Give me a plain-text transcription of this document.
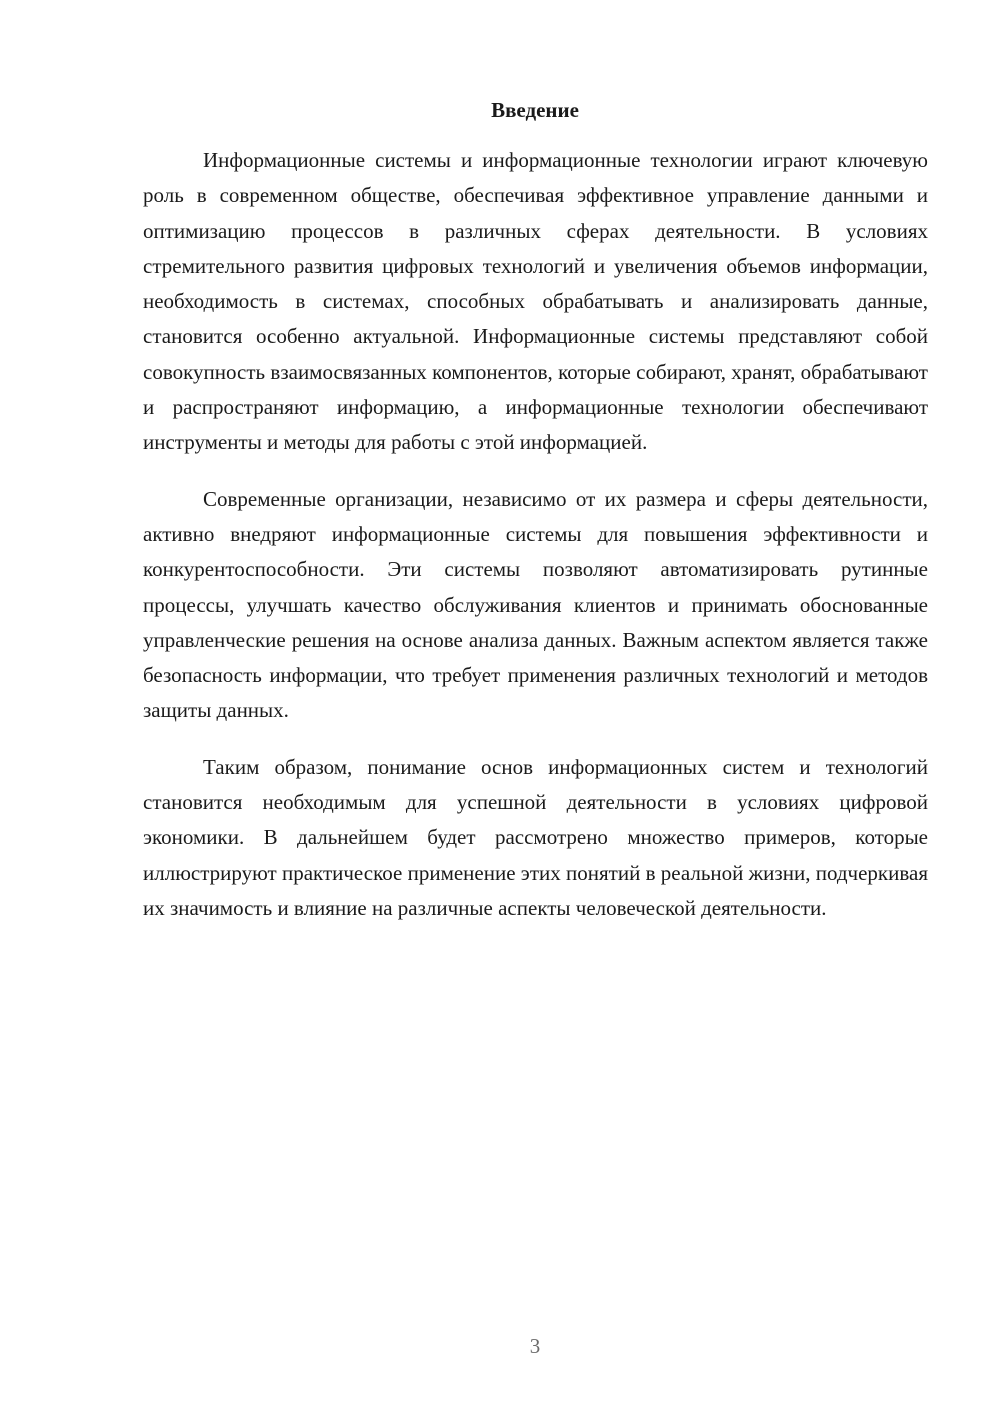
Введение

Информационные системы и информационные технологии играют ключевую роль в современном обществе, обеспечивая эффективное управление данными и оптимизацию процессов в различных сферах деятельности. В условиях стремительного развития цифровых технологий и увеличения объемов информации, необходимость в системах, способных обрабатывать и анализировать данные, становится особенно актуальной. Информационные системы представляют собой совокупность взаимосвязанных компонентов, которые собирают, хранят, обрабатывают и распространяют информацию, а информационные технологии обеспечивают инструменты и методы для работы с этой информацией.

Современные организации, независимо от их размера и сферы деятельности, активно внедряют информационные системы для повышения эффективности и конкурентоспособности. Эти системы позволяют автоматизировать рутинные процессы, улучшать качество обслуживания клиентов и принимать обоснованные управленческие решения на основе анализа данных. Важным аспектом является также безопасность информации, что требует применения различных технологий и методов защиты данных.

Таким образом, понимание основ информационных систем и технологий становится необходимым для успешной деятельности в условиях цифровой экономики. В дальнейшем будет рассмотрено множество примеров, которые иллюстрируют практическое применение этих понятий в реальной жизни, подчеркивая их значимость и влияние на различные аспекты человеческой деятельности.

3
